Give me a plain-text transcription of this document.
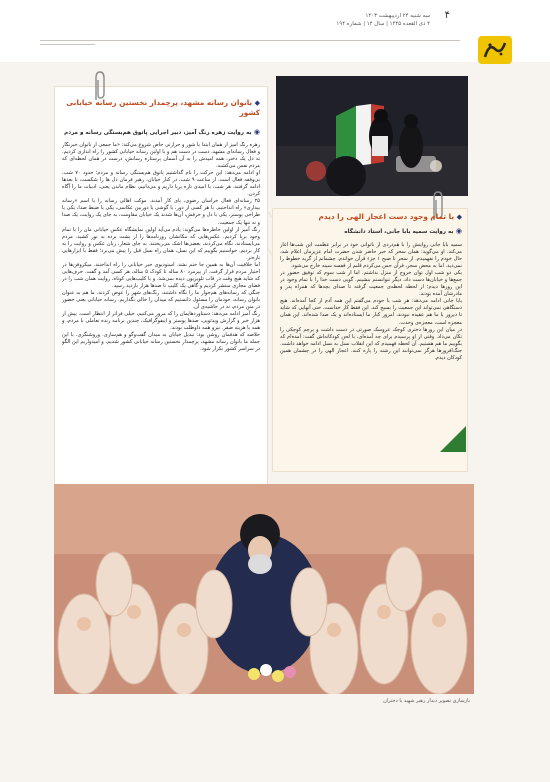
سه شنبه ۲۴ اردیبهشت ۱۴۰۳
۴ ذی القعده ۱۴۴۵ | سال ۱۴ | شماره ۱۹۴
۴
◆ بانوان رسانه مشهد، پرچمدار نخستین رسانه خیابانی کشور
◉ به روایت زهره رنگ آمیز، دبیر اجرایی پاتوق هم‌بستگی رسانه و مردم

زهره رنگ آمیز از همان ابتدا با شور و حرارتی خاص شروع می‌کند: «ما جمعی از بانوان خبرنگار و فعال رسانه‌ای مشهد، دست در دست هم و با اولین رسانه خیابانی کشور را راه اندازی کردیم. ته دل یک دختر، همه امیدش را به آن آسمان پرستاره رسانش، درست در همان لحظه‌ای که مردم نفس می‌کشند.

او ادامه می‌دهد: این حرکت را نام گذاشتیم پاتوق هم‌بستگی رسانه و مردم؛ حدود ۷۰ شب، بی‌وقفه فعال است. از ساعت ۹ شب، در کنار خیابان، رهبر فرمان دل ها را شکست، تا بعدها ادامه گرفتند. هر شب، با امیدی تازه برپا داریم و می‌دانیم، نظام ماندن یعنی، ادبیات ما را آگاه کردن.

۲۵ رسانه‌ای فعال خراسان رضوی، پای کار آمدند. موکب اهالی رسانه را با اسم «رسانه بیداری» راه انداختیم. تا هر کسی از دور، با گوشی یا دوربین عکاسی، یکی با ضبط صدا، یکی با طراحی پوستر، یکی با دل و حرفش، آن‌ها شدند یک خیابان مقاومت، به جای یک روایت، یک صدا و نه تنها یک جمعیت.

رنگ آمیز از اولین خاطره‌ها می‌گوید: یادم می‌آید اولین نمایشگاه عکس خیابانی مان را با تمام وجود برپا کردیم. عکس‌هایی که مکانشان روزنامه‌ها را از پشت پرده به نور کشید. مردم می‌ایستادند، نگاه می‌کردند، بعضی‌ها اشک می‌ریختند. به جای شعار، زبان عکس و روایت را به کار بردیم. خواستیم بگوییم که این نسل، همان راه نسل قبل را پیش می‌برد؛ فقط با ابزارهایی تازه‌تر.

اما خلاقیت آن‌ها به همین جا ختم نشد. استودیوی خبر خیابانی را راه انداختند. میکروفن‌ها در اختیار مردم قرار گرفت. از پیرمرد ۸۰ ساله تا کودک ۵ ساله، هر کسی آمد و گفت. حرف‌هایی که شاید هیچ وقت در قاب تلویزیون دیده نمی‌شد. و با کلیپ‌هایی کوتاه، روایت همان شب را در فضای مجازی منتشر کردیم و گاهی یک کلیپ تا صدها هزار بازدید رسید.

جنگی که رسانه‌های هم‌جوار ما را نگاه داشتند، رنگ‌های شهر را عوض کردند. ما هم به عنوان بانوان رسانه، خودمان را مسئول دانستیم که میدان را خالی نگذاریم. رسانه خیابانی یعنی حضور در متن مردم، نه در حاشیه‌ی آن.

رنگ آمیز ادامه می‌دهد: دستاوردهایمان را که مرور می‌کنیم، خیلی فراتر از انتظار است. بیش از هزار خبر و گزارش ویدئویی، صدها پوستر و اینفوگرافیک، چندین برنامه زنده تعاملی با مردم، و همه با هزینه صفر. نیرو همه داوطلب بودند.

خلاصه که هدفمان روشن بود: تبدیل خیابان به میدان گفت‌وگو و هم‌سازی. وروشنگری. با این جمله ما بانوان رسانه مشهد، پرچمدار نخستین رسانه خیابانی کشور شدیم، و امیدواریم این الگو در سراسر کشور تکرار شود.

◆ با تمام وجود دست اعجاز الهی را دیدم
◉ به روایت سمیه بابا جانی، استاد دانشگاه

سمیه بابا جانی روایتش را با هم‌دردی از ناتوانی خود در برابر عظمت این شب‌ها آغاز می‌کند. او می‌گوید: همان سحر که خبر حاضر شدن حضرت امام عزیزمان اعلام شد، حال خودم را نفهمیدم. از سحر تا صبح ۱ جزء قرآن خواندم. چشمانم از گریه خطوط را نمی‌دید. اما به محض سحر، قرآن حس می‌کردم قلبم از قفسه سینه خارج می‌شود.

یکی دو شب اول توان خروج از منزل نداشتم. اما از شب سوم که توفیق حضور در جمع‌ها و خیابان‌ها دست داد، دیگر نتوانستم بنشینم. گویی دست خدا را با تمام وجود در این روزها دیدم؛ از لحظه لحظه‌ی جمعیت گرفته تا صدای بچه‌ها که همراه پدر و مادرشان آمده بودند.

بابا جانی ادامه می‌دهد: هر شب با خودم می‌گفتم این همه آدم از کجا آمده‌اند. هیچ دستگاهی نمی‌تواند این جمعیت را بسیج کند. این فقط کار خداست. حتی آنهایی که شاید تا دیروز با ما هم عقیده نبودند، امروز کنار ما ایستاده‌اند و یک صدا شده‌اند. این همان معجزه است، معجزه‌ی وحدت.

در میان این روزها دختری کوچک عروسک صورتی در دست داشت و پرچم کوچکی را تکان می‌داد. وقتی از او پرسیدم برای چه آمده‌ای، با لحن کودکانه‌اش گفت: آمده‌ام که بگوییم ما هم هستیم. آن لحظه فهمیدم که این انقلاب نسل به نسل ادامه خواهد داشت. جنگ‌افروزها هرگز نمی‌توانند این رشته را پاره کنند. اعجاز الهی را در چشمان همین کودکان دیدم.

بازسازی تصویر دیدار رهبر شهید با دختران
